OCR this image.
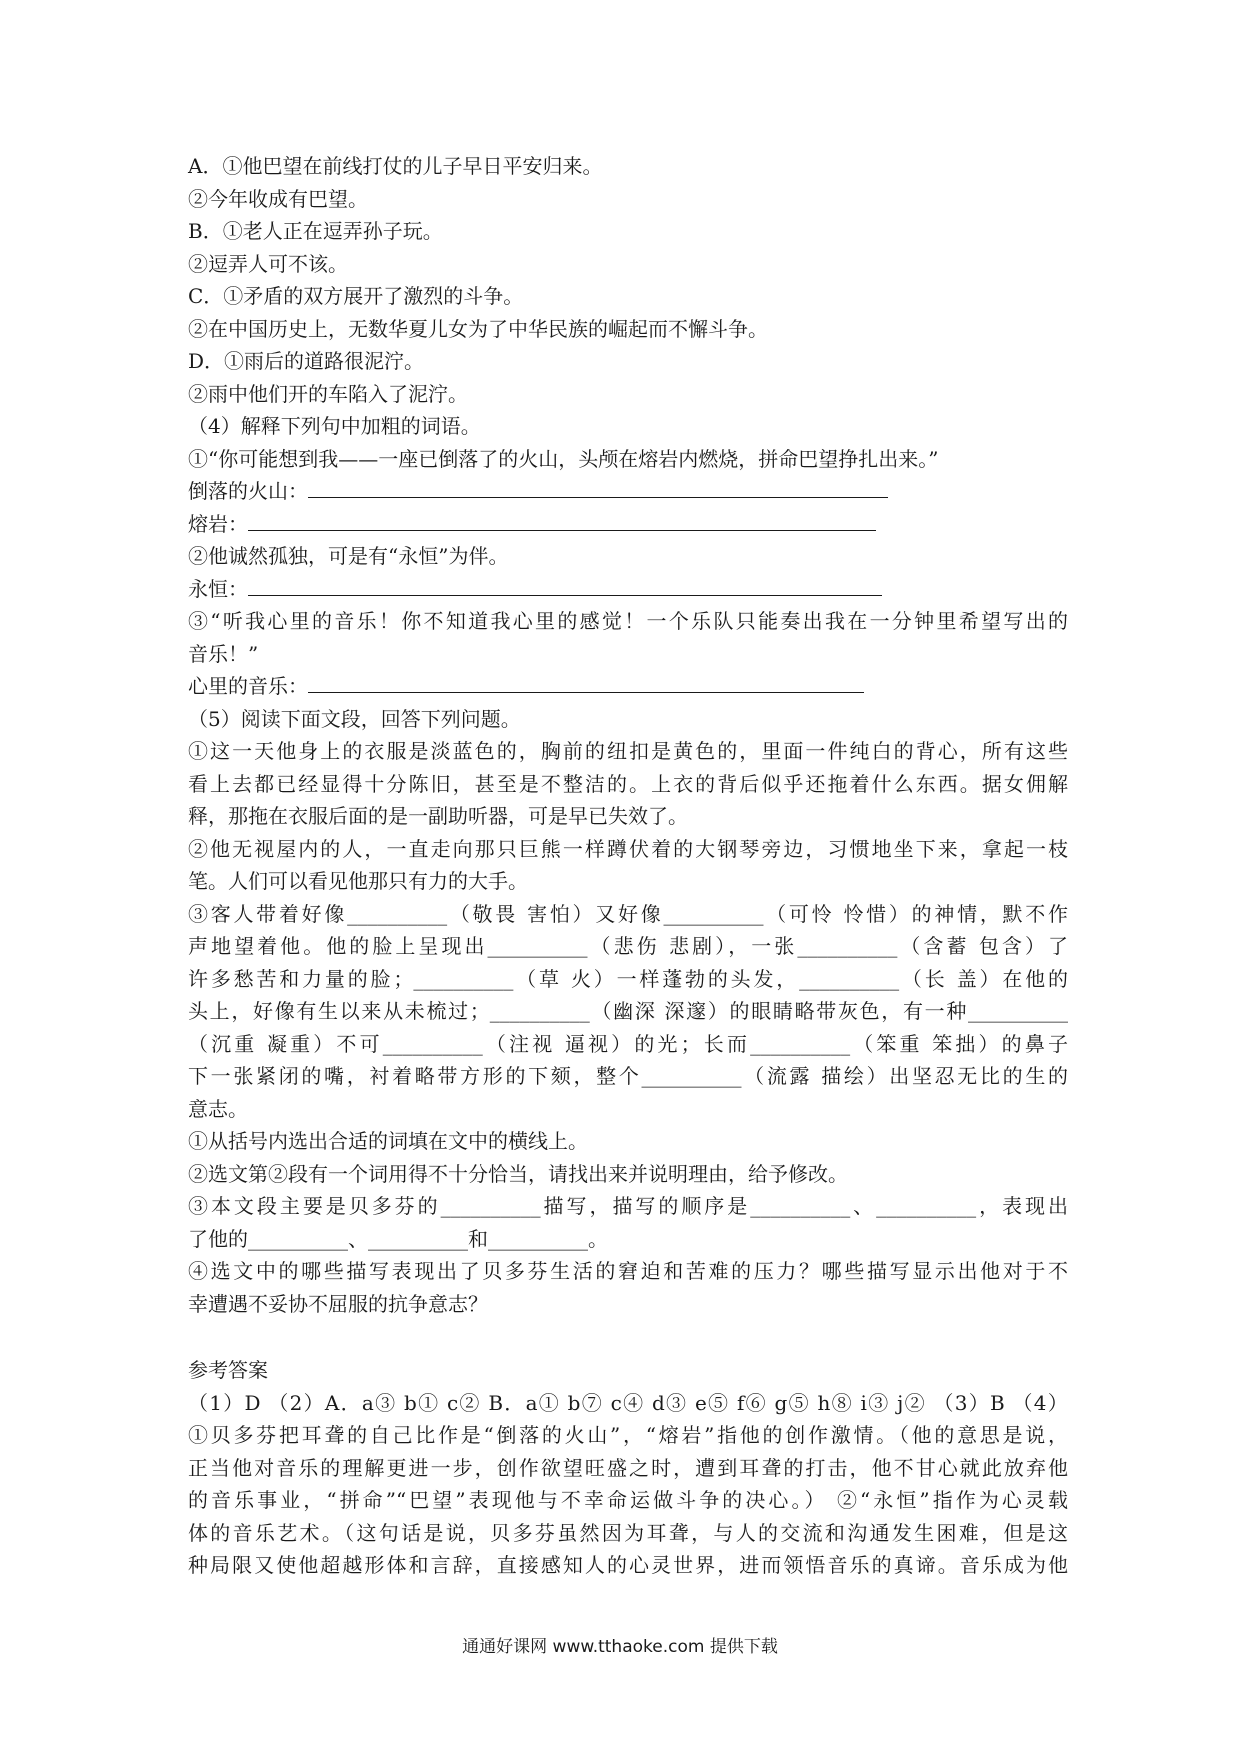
A．①他巴望在前线打仗的儿子早日平安归来。
②今年收成有巴望。
B．①老人正在逗弄孙子玩。
②逗弄人可不该。
C．①矛盾的双方展开了激烈的斗争。
②在中国历史上，无数华夏儿女为了中华民族的崛起而不懈斗争。
D．①雨后的道路很泥泞。
②雨中他们开的车陷入了泥泞。
（4）解释下列句中加粗的词语。
①“你可能想到我——一座已倒落了的火山，头颅在熔岩内燃烧，拼命巴望挣扎出来。”
倒落的火山：
熔岩：
②他诚然孤独，可是有“永恒”为伴。
永恒：
③“听我心里的音乐！你不知道我心里的感觉！一个乐队只能奏出我在一分钟里希望写出的
音乐！”
心里的音乐：
（5）阅读下面文段，回答下列问题。
①这一天他身上的衣服是淡蓝色的，胸前的纽扣是黄色的，里面一件纯白的背心，所有这些
看上去都已经显得十分陈旧，甚至是不整洁的。上衣的背后似乎还拖着什么东西。据女佣解
释，那拖在衣服后面的是一副助听器，可是早已失效了。
②他无视屋内的人，一直走向那只巨熊一样蹲伏着的大钢琴旁边，习惯地坐下来，拿起一枝
笔。人们可以看见他那只有力的大手。
③客人带着好像__________（敬畏 害怕）又好像__________（可怜 怜惜）的神情，默不作
声地望着他。他的脸上呈现出__________（悲伤 悲剧），一张__________（含蓄 包含）了
许多愁苦和力量的脸；__________（草 火）一样蓬勃的头发，__________（长 盖）在他的
头上，好像有生以来从未梳过；__________（幽深 深邃）的眼睛略带灰色，有一种__________
（沉重 凝重）不可__________（注视 逼视）的光；长而__________（笨重 笨拙）的鼻子
下一张紧闭的嘴，衬着略带方形的下颏，整个__________（流露 描绘）出坚忍无比的生的
意志。
①从括号内选出合适的词填在文中的横线上。
②选文第②段有一个词用得不十分恰当，请找出来并说明理由，给予修改。
③本文段主要是贝多芬的__________描写，描写的顺序是__________、__________，表现出
了他的__________、__________和__________。
④选文中的哪些描写表现出了贝多芬生活的窘迫和苦难的压力？哪些描写显示出他对于不
幸遭遇不妥协不屈服的抗争意志？
参考答案
（1）D （2）A．a③ b① c② B．a① b⑦ c④ d③ e⑤ f⑥ g⑤ h⑧ i③ j② （3）B （4）
①贝多芬把耳聋的自己比作是“倒落的火山”，“熔岩”指他的创作激情。（他的意思是说，
正当他对音乐的理解更进一步，创作欲望旺盛之时，遭到耳聋的打击，他不甘心就此放弃他
的音乐事业，“拼命”“巴望”表现他与不幸命运做斗争的决心。） ②“永恒”指作为心灵载
体的音乐艺术。（这句话是说，贝多芬虽然因为耳聋，与人的交流和沟通发生困难，但是这
种局限又使他超越形体和言辞，直接感知人的心灵世界，进而领悟音乐的真谛。音乐成为他
通通好课网 www.tthaoke.com 提供下载
